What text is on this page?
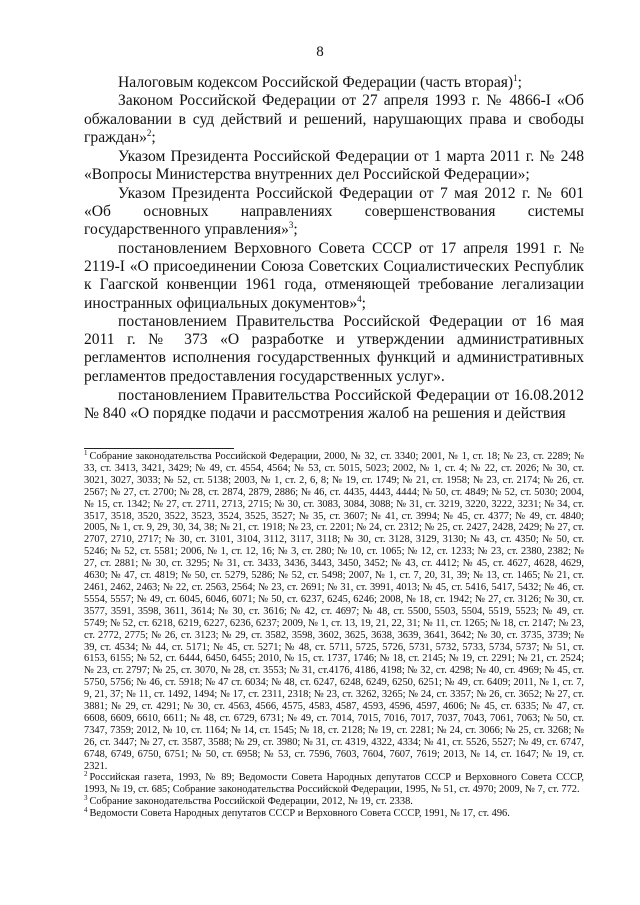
8

Налоговым кодексом Российской Федерации (часть вторая)$^1$;

Законом Российской Федерации от 27 апреля 1993 г. № 4866-I «Об обжаловании в суд действий и решений, нарушающих права и свободы граждан»$^2$;

Указом Президента Российской Федерации от 1 марта 2011 г. № 248 «Вопросы Министерства внутренних дел Российской Федерации»;

Указом Президента Российской Федерации от 7 мая 2012 г. № 601 «Об основных направлениях совершенствования системы государственного управления»$^3$;

постановлением Верховного Совета СССР от 17 апреля 1991 г. № 2119-I «О присоединении Союза Советских Социалистических Республик к Гаагской конвенции 1961 года, отменяющей требование легализации иностранных официальных документов»$^4$;

постановлением Правительства Российской Федерации от 16 мая 2011 г. № 373 «О разработке и утверждении административных регламентов исполнения государственных функций и административных регламентов предоставления государственных услуг».

постановлением Правительства Российской Федерации от 16.08.2012 № 840 «О порядке подачи и рассмотрения жалоб на решения и действия

$^1$ Собрание законодательства Российской Федерации, 2000, № 32, ст. 3340; 2001, № 1, ст. 18; № 23, ст. 2289; № 33, ст. 3413, 3421, 3429; № 49, ст. 4554, 4564; № 53, ст. 5015, 5023; 2002, № 1, ст. 4; № 22, ст. 2026; № 30, ст. 3021, 3027, 3033; № 52, ст. 5138; 2003, № 1, ст. 2, 6, 8; № 19, ст. 1749; № 21, ст. 1958; № 23, ст. 2174; № 26, ст. 2567; № 27, ст. 2700; № 28, ст. 2874, 2879, 2886; № 46, ст. 4435, 4443, 4444; № 50, ст. 4849; № 52, ст. 5030; 2004, № 15, ст. 1342; № 27, ст. 2711, 2713, 2715; № 30, ст. 3083, 3084, 3088; № 31, ст. 3219, 3220, 3222, 3231; № 34, ст. 3517, 3518, 3520, 3522, 3523, 3524, 3525, 3527; № 35, ст. 3607; № 41, ст. 3994; № 45, ст. 4377; № 49, ст. 4840; 2005, № 1, ст. 9, 29, 30, 34, 38; № 21, ст. 1918; № 23, ст. 2201; № 24, ст. 2312; № 25, ст. 2427, 2428, 2429; № 27, ст. 2707, 2710, 2717; № 30, ст. 3101, 3104, 3112, 3117, 3118; № 30, ст. 3128, 3129, 3130; № 43, ст. 4350; № 50, ст. 5246; № 52, ст. 5581; 2006, № 1, ст. 12, 16; № 3, ст. 280; № 10, ст. 1065; № 12, ст. 1233; № 23, ст. 2380, 2382; № 27, ст. 2881; № 30, ст. 3295; № 31, ст. 3433, 3436, 3443, 3450, 3452; № 43, ст. 4412; № 45, ст. 4627, 4628, 4629, 4630; № 47, ст. 4819; № 50, ст. 5279, 5286; № 52, ст. 5498; 2007, № 1, ст. 7, 20, 31, 39; № 13, ст. 1465; № 21, ст. 2461, 2462, 2463; № 22, ст. 2563, 2564; № 23, ст. 2691; № 31, ст. 3991, 4013; № 45, ст. 5416, 5417, 5432; № 46, ст. 5554, 5557; № 49, ст. 6045, 6046, 6071; № 50, ст. 6237, 6245, 6246; 2008, № 18, ст. 1942; № 27, ст. 3126; № 30, ст. 3577, 3591, 3598, 3611, 3614; № 30, ст. 3616; № 42, ст. 4697; № 48, ст. 5500, 5503, 5504, 5519, 5523; № 49, ст. 5749; № 52, ст. 6218, 6219, 6227, 6236, 6237; 2009, № 1, ст. 13, 19, 21, 22, 31; № 11, ст. 1265; № 18, ст. 2147; № 23, ст. 2772, 2775; № 26, ст. 3123; № 29, ст. 3582, 3598, 3602, 3625, 3638, 3639, 3641, 3642; № 30, ст. 3735, 3739; № 39, ст. 4534; № 44, ст. 5171; № 45, ст. 5271; № 48, ст. 5711, 5725, 5726, 5731, 5732, 5733, 5734, 5737; № 51, ст. 6153, 6155; № 52, ст. 6444, 6450, 6455; 2010, № 15, ст. 1737, 1746; № 18, ст. 2145; № 19, ст. 2291; № 21, ст. 2524; № 23, ст. 2797; № 25, ст. 3070, № 28, ст. 3553; № 31, ст.4176, 4186, 4198; № 32, ст. 4298; № 40, ст. 4969; № 45, ст. 5750, 5756; № 46, ст. 5918; № 47 ст. 6034; № 48, ст. 6247, 6248, 6249, 6250, 6251; № 49, ст. 6409; 2011, № 1, ст. 7, 9, 21, 37; № 11, ст. 1492, 1494; № 17, ст. 2311, 2318; № 23, ст. 3262, 3265; № 24, ст. 3357; № 26, ст. 3652; № 27, ст. 3881; № 29, ст. 4291; № 30, ст. 4563, 4566, 4575, 4583, 4587, 4593, 4596, 4597, 4606; № 45, ст. 6335; № 47, ст. 6608, 6609, 6610, 6611; № 48, ст. 6729, 6731; № 49, ст. 7014, 7015, 7016, 7017, 7037, 7043, 7061, 7063; № 50, ст. 7347, 7359; 2012, № 10, ст. 1164; № 14, ст. 1545; № 18, ст. 2128; № 19, ст. 2281; № 24, ст. 3066; № 25, ст. 3268; № 26, ст. 3447; № 27, ст. 3587, 3588; № 29, ст. 3980; № 31, ст. 4319, 4322, 4334; № 41, ст. 5526, 5527; № 49, ст. 6747, 6748, 6749, 6750, 6751; № 50, ст. 6958; № 53, ст. 7596, 7603, 7604, 7607, 7619; 2013, № 14, ст. 1647; № 19, ст. 2321.

$^2$ Российская газета, 1993, № 89; Ведомости Совета Народных депутатов СССР и Верховного Совета СССР, 1993, № 19, ст. 685; Собрание законодательства Российской Федерации, 1995, № 51, ст. 4970; 2009, № 7, ст. 772.

$^3$ Собрание законодательства Российской Федерации, 2012, № 19, ст. 2338.

$^4$ Ведомости Совета Народных депутатов СССР и Верховного Совета СССР, 1991, № 17, ст. 496.
